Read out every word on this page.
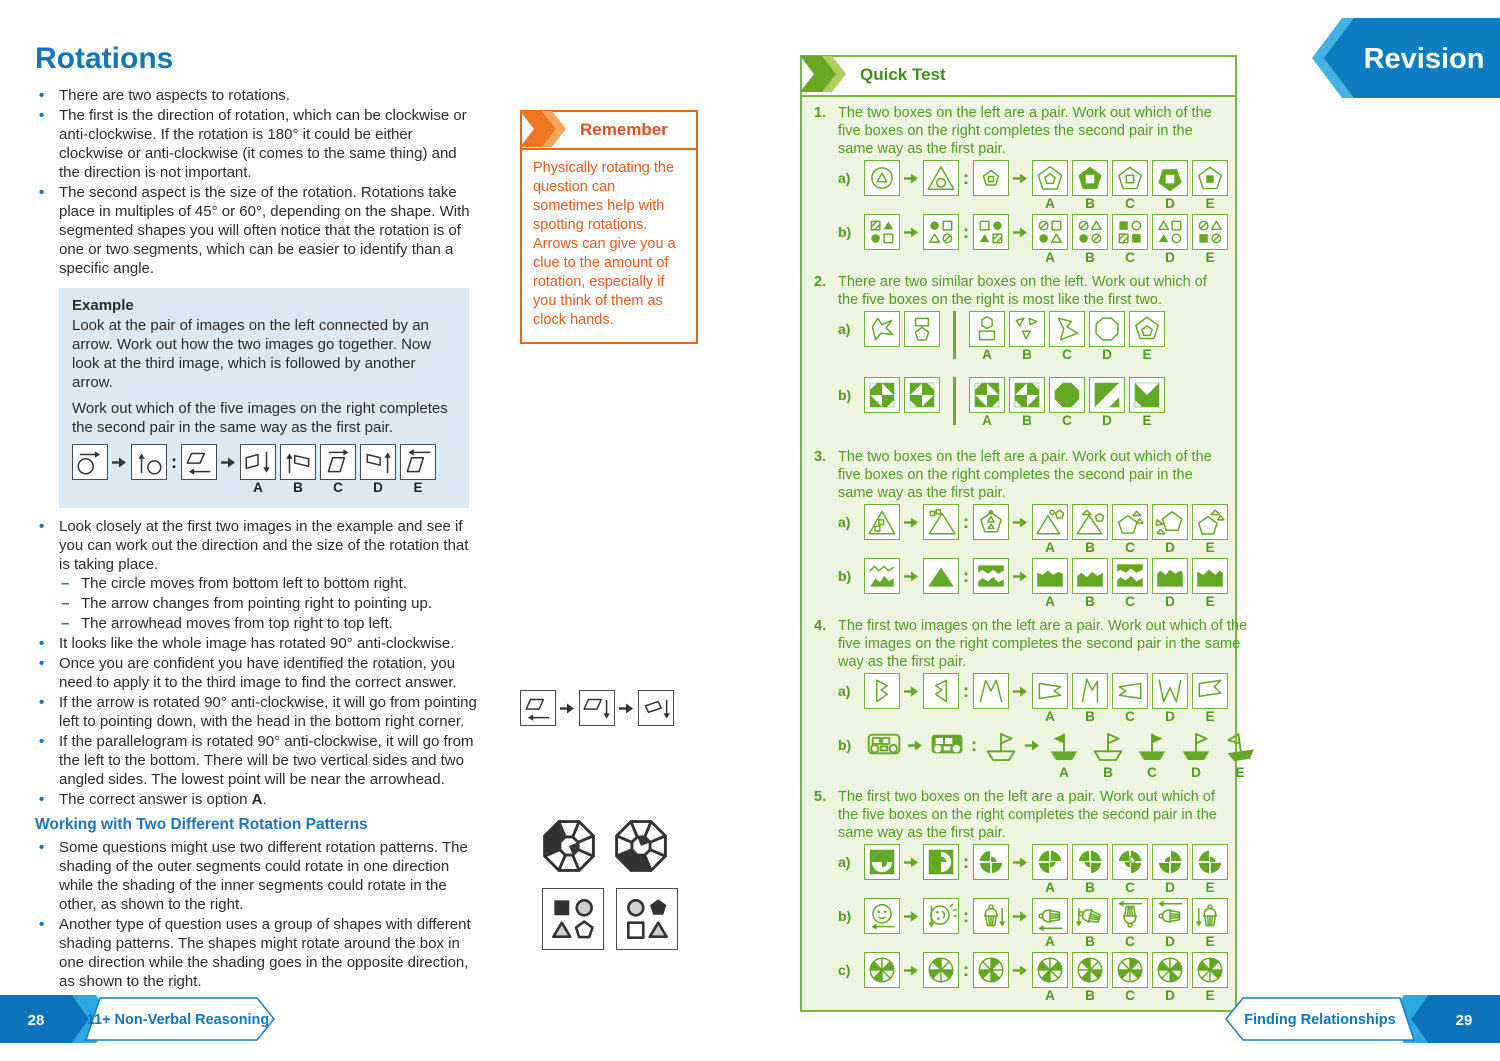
Rotations
• There are two aspects to rotations.
• The first is the direction of rotation, which can be clockwise or anti-clockwise. If the rotation is 180° it could be either clockwise or anti-clockwise (it comes to the same thing) and the direction is not important.
• The second aspect is the size of the rotation. Rotations take place in multiples of 45° or 60°, depending on the shape. With segmented shapes you will often notice that the rotation is of one or two segments, which can be easier to identify than a specific angle.
Example

Look at the pair of images on the left connected by an arrow. Work out how the two images go together. Now look at the third image, which is followed by another arrow.

Work out which of the five images on the right completes the second pair in the same way as the first pair.

:
A B C D E
• Look closely at the first two images in the example and see if you can work out the direction and the size of the rotation that is taking place.
– The circle moves from bottom left to bottom right.
– The arrow changes from pointing right to pointing up.
– The arrowhead moves from top right to top left.
• It looks like the whole image has rotated 90° anti-clockwise.
• Once you are confident you have identified the rotation, you need to apply it to the third image to find the correct answer.
• If the arrow is rotated 90° anti-clockwise, it will go from pointing left to pointing down, with the head in the bottom right corner.
• If the parallelogram is rotated 90° anti-clockwise, it will go from the left to the bottom. There will be two vertical sides and two angled sides. The lowest point will be near the arrowhead.
• The correct answer is option A.
Working with Two Different Rotation Patterns
• Some questions might use two different rotation patterns. The shading of the outer segments could rotate in one direction while the shading of the inner segments could rotate in the other, as shown to the right.
• Another type of question uses a group of shapes with different shading patterns. The shapes might rotate around the box in one direction while the shading goes in the opposite direction, as shown to the right.
Remember
Physically rotating the question can sometimes help with spotting rotations. Arrows can give you a clue to the amount of rotation, especially if you think of them as clock hands.
Quick Test
1. The two boxes on the left are a pair. Work out which of the five boxes on the right completes the second pair in the same way as the first pair.
a)	:
A B C D E
b)	:
A B C D E
2. There are two similar boxes on the left. Work out which of the five boxes on the right is most like the first two.
a)
A B C D E
b)
A B C D E
3. The two boxes on the left are a pair. Work out which of the five boxes on the right completes the second pair in the same way as the first pair.
a)	:
A B C D E
b)	:
A B C D E
4. The first two images on the left are a pair. Work out which of the five images on the right completes the second pair in the same way as the first pair.
a)	:
A B C D E
b)	:
A	B	C	D	E
5. The first two boxes on the left are a pair. Work out which of the five boxes on the right completes the second pair in the same way as the first pair.
a)	:
A B C D E
b)	:
A B C D E
c)	:
A B C D E
Revision
28	11+ Non-Verbal Reasoning	29
Finding Relationships
